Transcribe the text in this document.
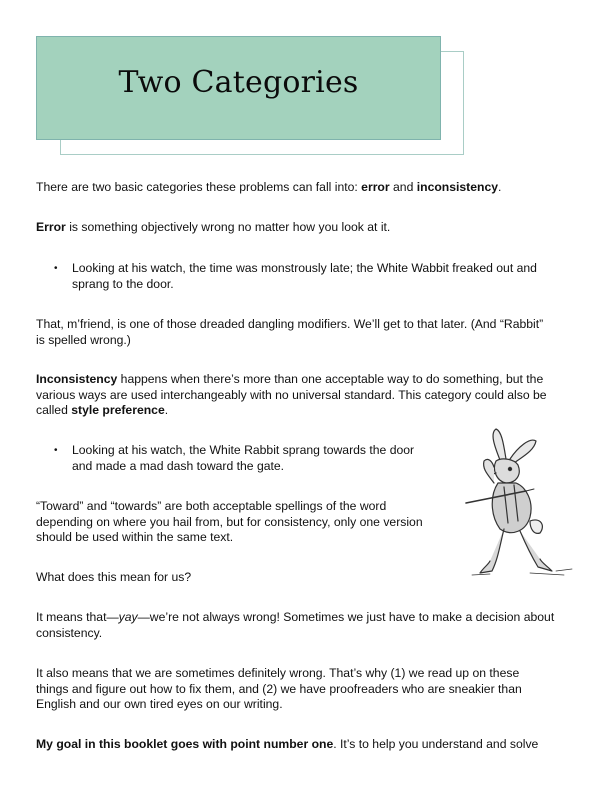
Two Categories

There are two basic categories these problems can fall into: error and inconsistency.

Error is something objectively wrong no matter how you look at it.

• Looking at his watch, the time was monstrously late; the White Wabbit freaked out and
sprang to the door.

That, m’friend, is one of those dreaded dangling modifiers. We’ll get to that later. (And “Rabbit”
is spelled wrong.)

Inconsistency happens when there’s more than one acceptable way to do something, but the
various ways are used interchangeably with no universal standard. This category could also be
called style preference.

• Looking at his watch, the White Rabbit sprang towards the door
and made a mad dash toward the gate.

“Toward” and “towards” are both acceptable spellings of the word
depending on where you hail from, but for consistency, only one version
should be used within the same text.

What does this mean for us?

It means that—yay—we’re not always wrong! Sometimes we just have to make a decision about
consistency.

It also means that we are sometimes definitely wrong. That’s why (1) we read up on these
things and figure out how to fix them, and (2) we have proofreaders who are sneakier than
English and our own tired eyes on our writing.

My goal in this booklet goes with point number one. It’s to help you understand and solve
